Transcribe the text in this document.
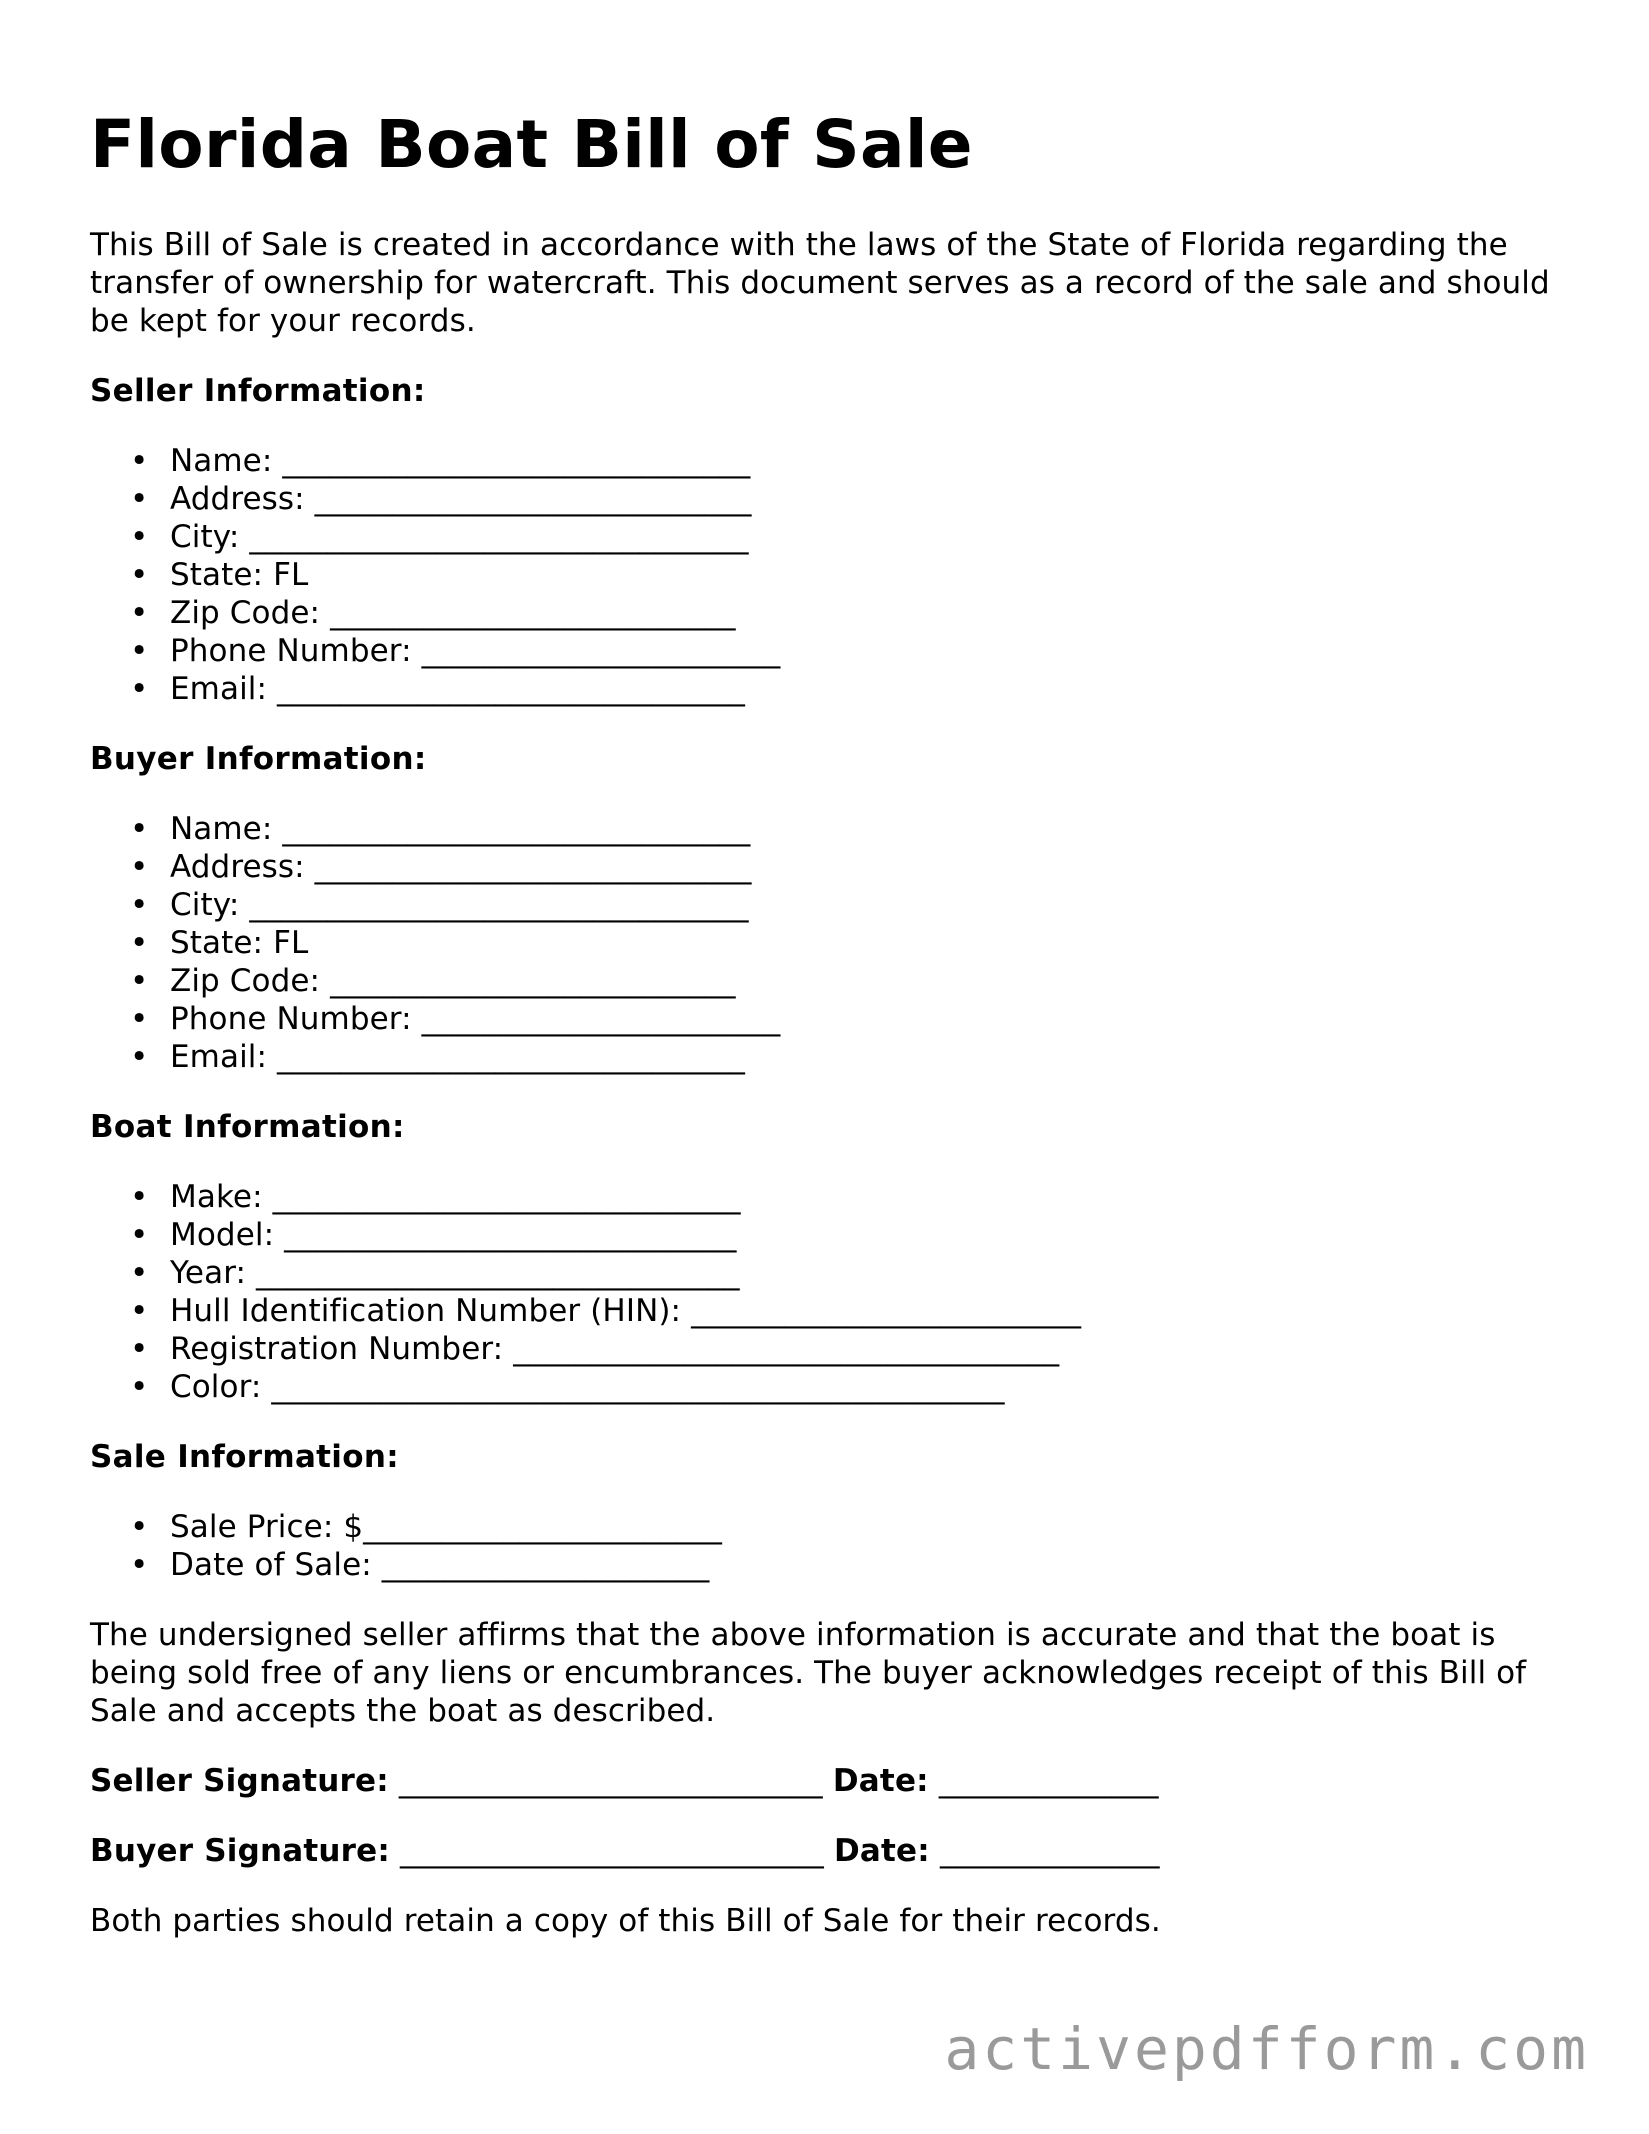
Florida Boat Bill of Sale

This Bill of Sale is created in accordance with the laws of the State of Florida regarding the transfer of ownership for watercraft. This document serves as a record of the sale and should be kept for your records.

Seller Information:
• Name: ______________________________
• Address: ____________________________
• City: ________________________________
• State: FL
• Zip Code: __________________________
• Phone Number: _______________________
• Email: ______________________________
Buyer Information:
• Name: ______________________________
• Address: ____________________________
• City: ________________________________
• State: FL
• Zip Code: __________________________
• Phone Number: _______________________
• Email: ______________________________
Boat Information:
• Make: ______________________________
• Model: _____________________________
• Year: _______________________________
• Hull Identification Number (HIN): _________________________
• Registration Number: ___________________________________
• Color: _______________________________________________
Sale Information:
• Sale Price: $_______________________
• Date of Sale: _____________________

The undersigned seller affirms that the above information is accurate and that the boat is being sold free of any liens or encumbrances. The buyer acknowledges receipt of this Bill of Sale and accepts the boat as described.

Seller Signature: ___________________________ Date: ______________
Buyer Signature: ___________________________ Date: ______________

Both parties should retain a copy of this Bill of Sale for their records.

activepdfform.com
